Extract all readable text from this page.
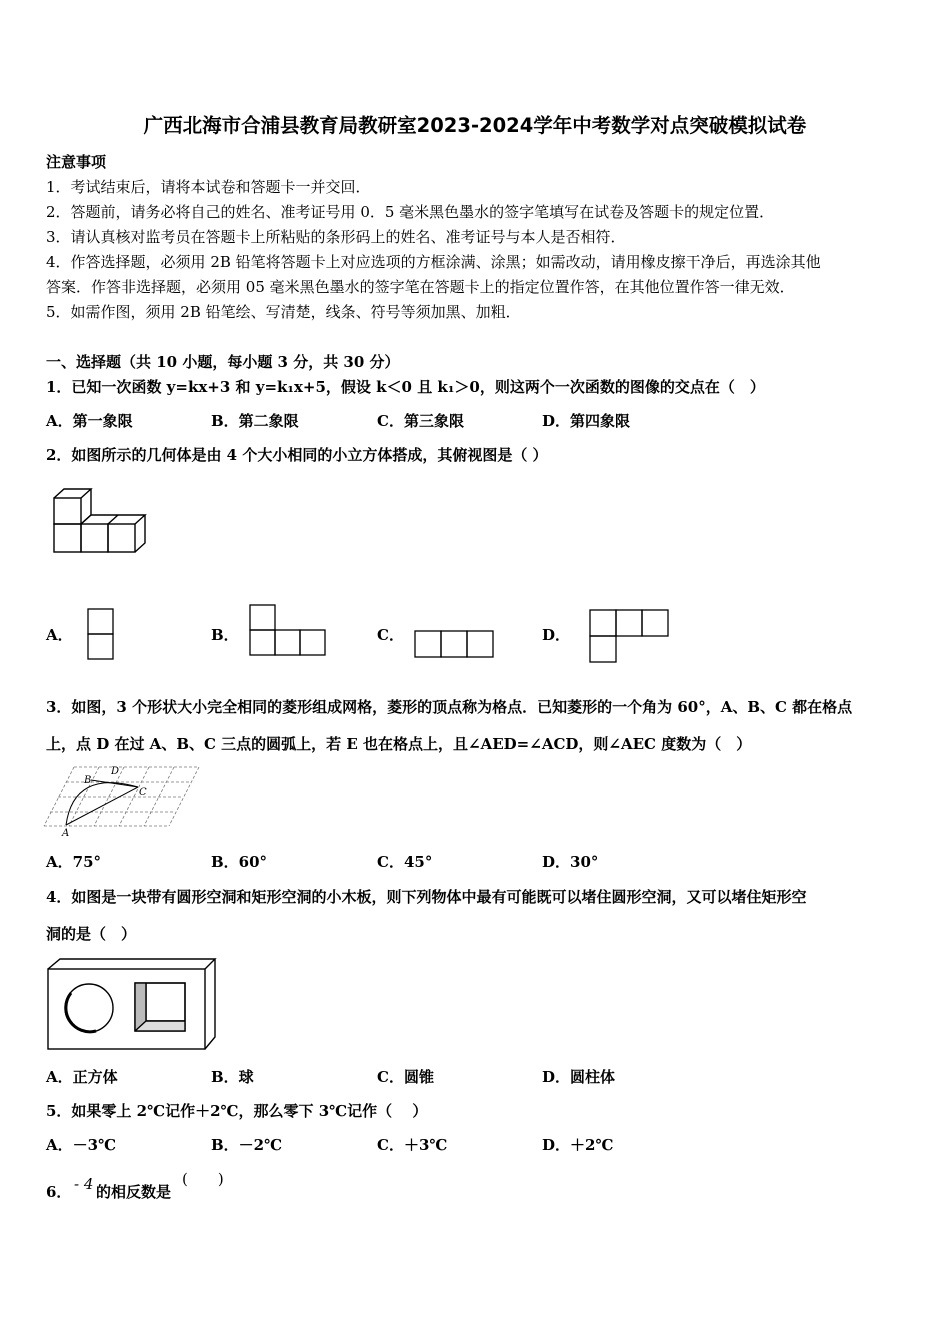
广西北海市合浦县教育局教研室2023-2024学年中考数学对点突破模拟试卷
注意事项
1．考试结束后，请将本试卷和答题卡一并交回．
2．答题前，请务必将自己的姓名、准考证号用 0．5 毫米黑色墨水的签字笔填写在试卷及答题卡的规定位置．
3．请认真核对监考员在答题卡上所粘贴的条形码上的姓名、准考证号与本人是否相符．
4．作答选择题，必须用 2B 铅笔将答题卡上对应选项的方框涂满、涂黑；如需改动，请用橡皮擦干净后，再选涂其他
答案．作答非选择题，必须用 05 毫米黑色墨水的签字笔在答题卡上的指定位置作答，在其他位置作答一律无效．
5．如需作图，须用 2B 铅笔绘、写清楚，线条、符号等须加黑、加粗．
一、选择题（共 10 小题，每小题 3 分，共 30 分）
1．已知一次函数 y=kx+3 和 y=k₁x+5，假设 k＜0 且 k₁＞0，则这两个一次函数的图像的交点在（　）
A．第一象限	B．第二象限	C．第三象限	D．第四象限
2．如图所示的几何体是由 4 个大小相同的小立方体搭成，其俯视图是（ ）
A．	B．	C．	D．
3．如图，3 个形状大小完全相同的菱形组成网格，菱形的顶点称为格点．已知菱形的一个角为 60°，A、B、C 都在格点
上，点 D 在过 A、B、C 三点的圆弧上，若 E 也在格点上，且∠AED=∠ACD，则∠AEC 度数为（　）
B
D
C
A
A．75°	B．60°	C．45°	D．30°
4．如图是一块带有圆形空洞和矩形空洞的小木板，则下列物体中最有可能既可以堵住圆形空洞，又可以堵住矩形空
洞的是（　）
A．正方体	B．球	C．圆锥	D．圆柱体
5．如果零上 2℃记作＋2℃，那么零下 3℃记作（　 ）
A．－3℃	B．－2℃	C．＋3℃	D．＋2℃
6． - 4 的相反数是
(　　)
